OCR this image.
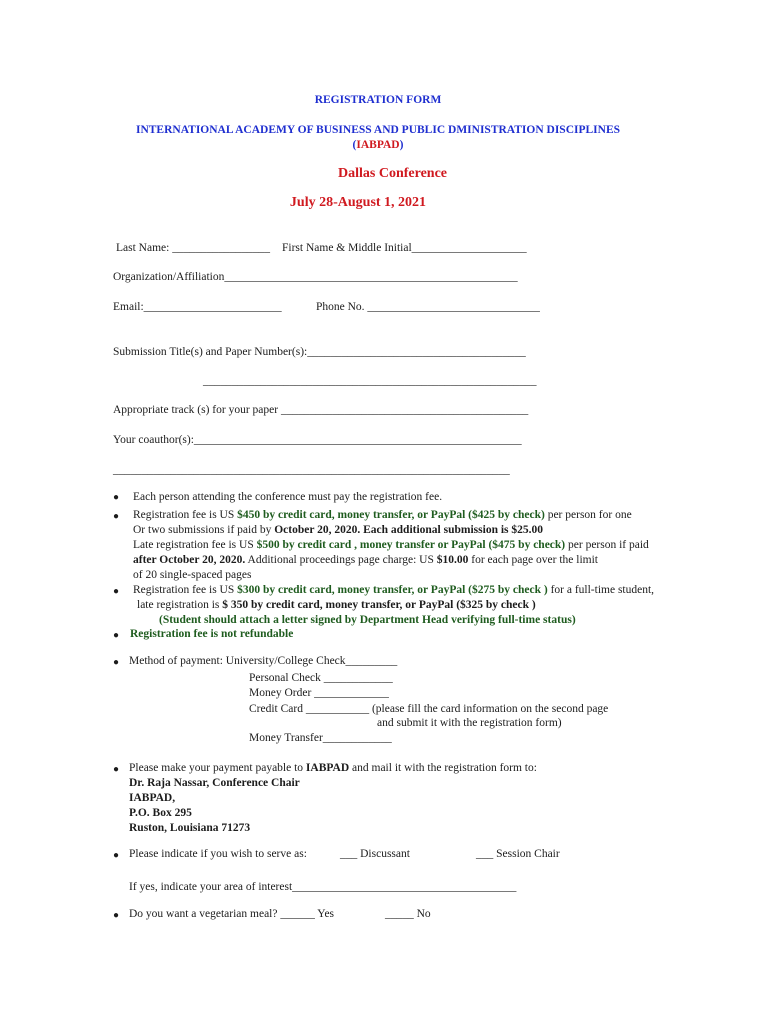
REGISTRATION FORM
INTERNATIONAL ACADEMY OF BUSINESS AND PUBLIC DMINISTRATION DISCIPLINES
(IABPAD)
Dallas Conference
July 28-August 1, 2021
Last Name: _________________ First Name & Middle Initial____________________
Organization/Affiliation___________________________________________________
Email:________________________	Phone No. ______________________________
Submission Title(s) and Paper Number(s):______________________________________
__________________________________________________________
Appropriate track (s) for your paper ___________________________________________
Your coauthor(s):_________________________________________________________
_____________________________________________________________________
● Each person attending the conference must pay the registration fee.
● Registration fee is US $450 by credit card, money transfer, or PayPal ($425 by check) per person for one
Or two submissions if paid by October 20, 2020. Each additional submission is $25.00
Late registration fee is US $500 by credit card , money transfer or PayPal ($475 by check) per person if paid
after October 20, 2020. Additional proceedings page charge: US $10.00 for each page over the limit
of 20 single-spaced pages
● Registration fee is US $300 by credit card, money transfer, or PayPal ($275 by check ) for a full-time student,
late registration is $ 350 by credit card, money transfer, or PayPal ($325 by check )
(Student should attach a letter signed by Department Head verifying full-time status)
● Registration fee is not refundable
● Method of payment: University/College Check_________
Personal Check ____________
Money Order _____________
Credit Card ___________ (please fill the card information on the second page
and submit it with the registration form)
Money Transfer____________
● Please make your payment payable to IABPAD and mail it with the registration form to:
Dr. Raja Nassar, Conference Chair
IABPAD,
P.O. Box 295
Ruston, Louisiana 71273
● Please indicate if you wish to serve as:	___ Discussant	___ Session Chair
If yes, indicate your area of interest_______________________________________
● Do you want a vegetarian meal? ______ Yes	_____ No
